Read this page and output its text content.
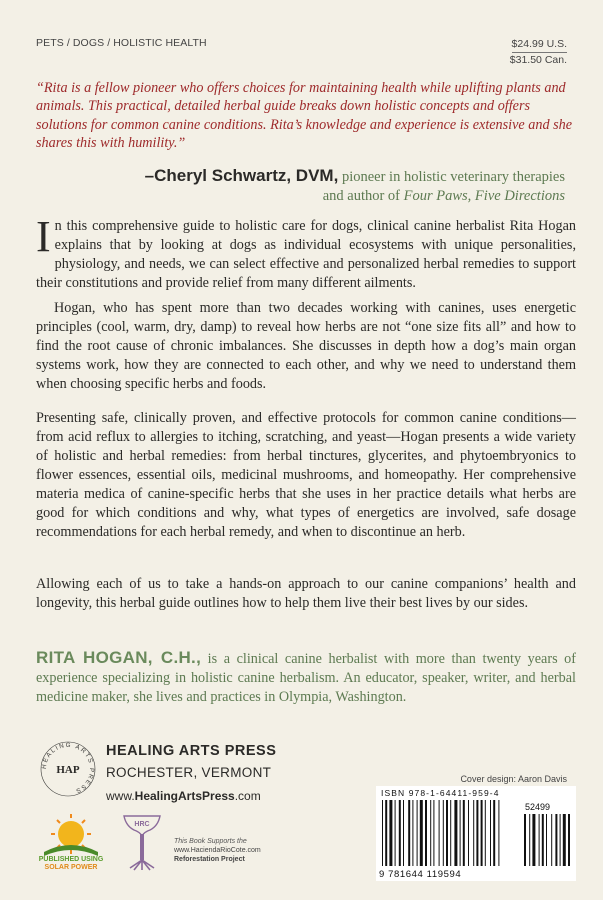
PETS / DOGS / HOLISTIC HEALTH	$24.99 U.S.
$31.50 Can.

“Rita is a fellow pioneer who offers choices for maintaining health while uplifting plants and animals. This practical, detailed herbal guide breaks down holistic concepts and offers solutions for common canine conditions. Rita’s knowledge and experience is extensive and she shares this with humility.”

–Cheryl Schwartz, DVM, pioneer in holistic veterinary therapies
and author of Four Paws, Five Directions

In this comprehensive guide to holistic care for dogs, clinical canine herbalist Rita Hogan explains that by looking at dogs as individual ecosystems with unique personalities, physiology, and needs, we can select effective and personalized herbal remedies to support their constitutions and provide relief from many different ailments.

Hogan, who has spent more than two decades working with canines, uses energetic principles (cool, warm, dry, damp) to reveal how herbs are not “one size fits all” and how to find the root cause of chronic imbalances. She discusses in depth how a dog’s main organ systems work, how they are connected to each other, and why we need to understand them when choosing specific herbs and foods.

Presenting safe, clinically proven, and effective protocols for common canine conditions—from acid reflux to allergies to itching, scratching, and yeast—Hogan presents a wide variety of holistic and herbal remedies: from herbal tinctures, glycerites, and phytoembryonics to flower essences, essential oils, medicinal mushrooms, and homeopathy. Her comprehensive materia medica of canine-specific herbs that she uses in her practice details what herbs are good for which conditions and why, what types of energetics are involved, safe dosage recommendations for each herbal remedy, and when to discontinue an herb.

Allowing each of us to take a hands-on approach to our canine companions’ health and longevity, this herbal guide outlines how to help them live their best lives by our sides.

RITA HOGAN, C.H., is a clinical canine herbalist with more than twenty years of experience specializing in holistic canine herbalism. An educator, speaker, writer, and herbal medicine maker, she lives and practices in Olympia, Washington.

HEALING ARTS PRESS
HAP
HEALING ARTS PRESS
ROCHESTER, VERMONT
www.HealingArtsPress.com
Cover design: Aaron Davis
ISBN 978-1-64411-959-4
52499
9 781644 119594
PUBLISHED USING
SOLAR POWER
HRC
This Book Supports the
www.HaciendaRioCote.com
Reforestation Project
